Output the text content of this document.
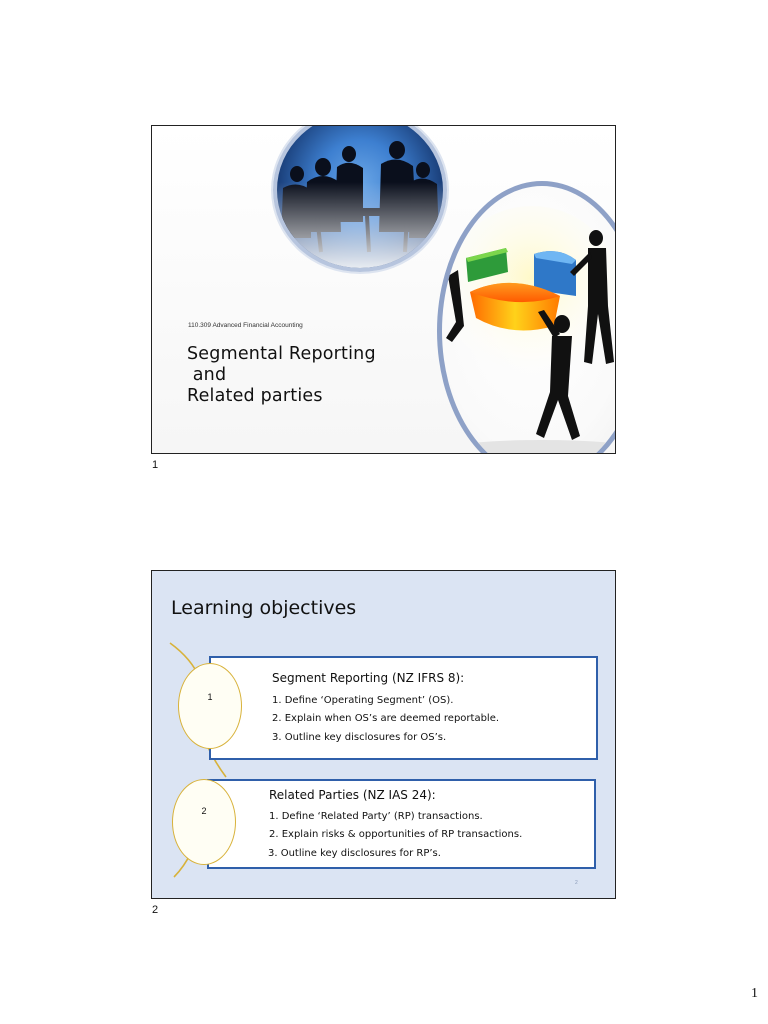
110.309 Advanced Financial Accounting
Segmental Reporting
and
Related parties
1
Learning objectives
Segment Reporting (NZ IFRS 8):
1. Define ‘Operating Segment’ (OS).
2. Explain when OS’s are deemed reportable.
3. Outline key disclosures for OS’s.
Related Parties (NZ IAS 24):
1. Define ‘Related Party’ (RP) transactions.
2. Explain risks & opportunities of RP transactions.
3. Outline key disclosures for RP’s.
1
2
2
2
1
